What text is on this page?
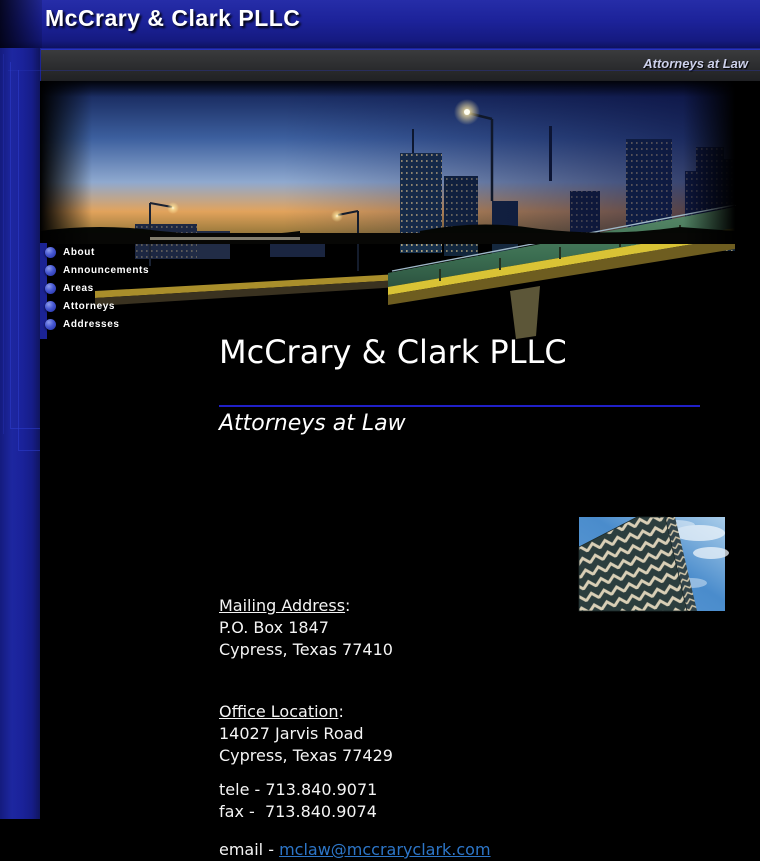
McCrary & Clark PLLC
Attorneys at Law
McCrary & Clark PLLC
Attorneys at Law
Mailing Address:
P.O. Box 1847
Cypress, Texas 77410
Office Location:
14027 Jarvis Road
Cypress, Texas 77429
tele - 713.840.9071
fax -  713.840.9074
email - mclaw@mccraryclark.com
About
Announcements
Areas
Attorneys
Addresses
